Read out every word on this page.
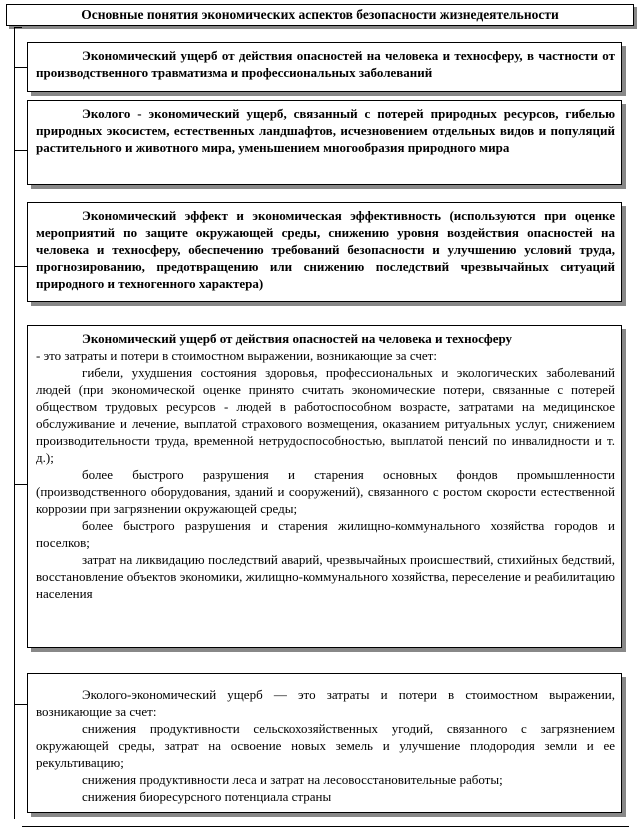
Основные понятия экономических аспектов безопасности жизнедеятельности

Экономический ущерб от действия опасностей на человека и техносферу, в частности от производственного травматизма и профессиональных заболеваний

Эколого - экономический ущерб, связанный с потерей природных ресурсов, гибелью природных экосистем, естественных ландшафтов, исчезновением отдельных видов и популяций растительного и животного мира, уменьшением многообразия природного мира

Экономический эффект и экономическая эффективность (используются при оценке мероприятий по защите окружающей среды, снижению уровня воздействия опасностей на человека и техносферу, обеспечению требований безопасности и улучшению условий труда, прогнозированию, предотвращению или снижению последствий чрезвычайных ситуаций природного и техногенного характера)

Экономический ущерб от действия опасностей на человека и техносферу

- это затраты и потери в стоимостном выражении, возникающие за счет:

гибели, ухудшения состояния здоровья, профессиональных и экологических заболеваний людей (при экономической оценке принято считать экономические потери, связанные с потерей обществом трудовых ресурсов - людей в работоспособном возрасте, затратами на медицинское обслуживание и лечение, выплатой страхового возмещения, оказанием ритуальных услуг, снижением производительности труда, временной нетрудоспособностью, выплатой пенсий по инвалидности и т. д.);

более быстрого разрушения и старения основных фондов промышленности (производственного оборудования, зданий и сооружений), связанного с ростом скорости естественной коррозии при загрязнении окружающей среды;

более быстрого разрушения и старения жилищно-коммунального хозяйства городов и поселков;

затрат на ликвидацию последствий аварий, чрезвычайных происшествий, стихийных бедствий, восстановление объектов экономики, жилищно-коммунального хозяйства, переселение и реабилитацию населения

Эколого-экономический ущерб — это затраты и потери в стоимостном выражении, возникающие за счет:

снижения продуктивности сельскохозяйственных угодий, связанного с загрязнением окружающей среды, затрат на освоение новых земель и улучшение плодородия земли и ее рекультивацию;

снижения продуктивности леса и затрат на лесовосстановительные работы;

снижения биоресурсного потенциала страны
